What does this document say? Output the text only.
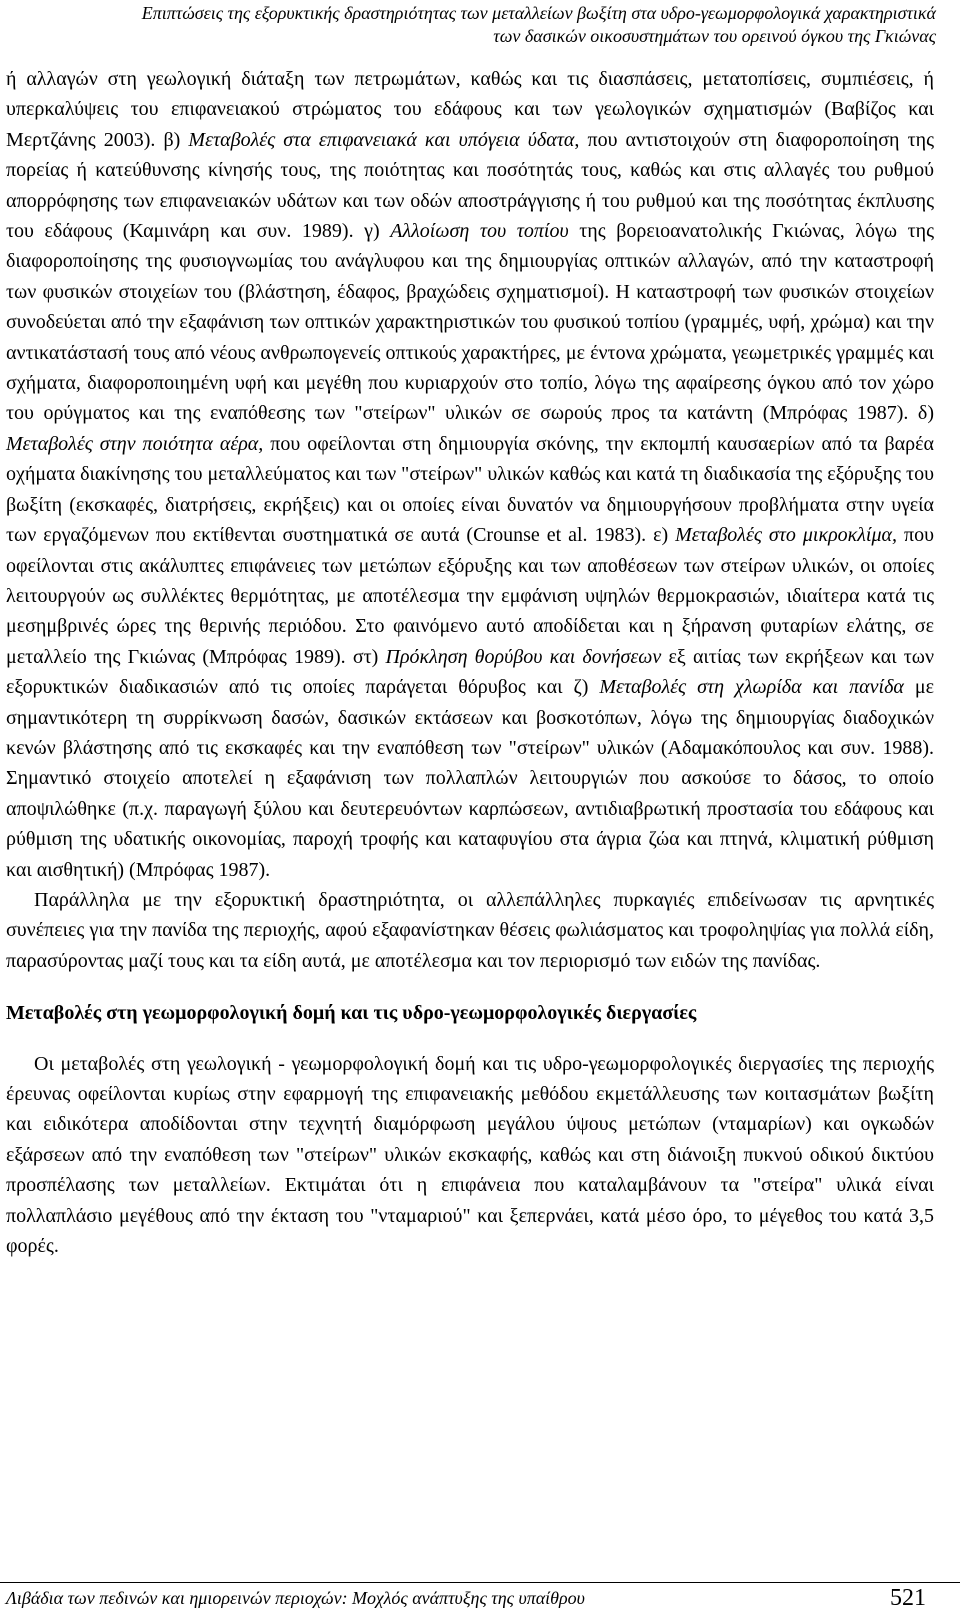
Επιπτώσεις της εξορυκτικής δραστηριότητας των μεταλλείων βωξίτη στα υδρο-γεωμορφολογικά χαρακτηριστικά
των δασικών οικοσυστημάτων του ορεινού όγκου της Γκιώνας

ή αλλαγών στη γεωλογική διάταξη των πετρωμάτων, καθώς και τις διασπάσεις, μετατοπίσεις, συμπιέσεις, ή υπερκαλύψεις του επιφανειακού στρώματος του εδάφους και των γεωλογικών σχηματισμών (Βαβίζος και Μερτζάνης 2003). β) Μεταβολές στα επιφανειακά και υπόγεια ύδατα, που αντιστοιχούν στη διαφοροποίηση της πορείας ή κατεύθυνσης κίνησής τους, της ποιότητας και ποσότητάς τους, καθώς και στις αλλαγές του ρυθμού απορρόφησης των επιφανειακών υδάτων και των οδών αποστράγγισης ή του ρυθμού και της ποσότητας έκπλυσης του εδάφους (Καμινάρη και συν. 1989). γ) Αλλοίωση του τοπίου της βορειοανατολικής Γκιώνας, λόγω της διαφοροποίησης της φυσιογνωμίας του ανάγλυφου και της δημιουργίας οπτικών αλλαγών, από την καταστροφή των φυσικών στοιχείων του (βλάστηση, έδαφος, βραχώδεις σχηματισμοί). Η καταστροφή των φυσικών στοιχείων συνοδεύεται από την εξαφάνιση των οπτικών χαρακτηριστικών του φυσικού τοπίου (γραμμές, υφή, χρώμα) και την αντικατάστασή τους από νέους ανθρωπογενείς οπτικούς χαρακτήρες, με έντονα χρώματα, γεωμετρικές γραμμές και σχήματα, διαφοροποιημένη υφή και μεγέθη που κυριαρχούν στο τοπίο, λόγω της αφαίρεσης όγκου από τον χώρο του ορύγματος και της εναπόθεσης των "στείρων" υλικών σε σωρούς προς τα κατάντη (Μπρόφας 1987). δ) Μεταβολές στην ποιότητα αέρα, που οφείλονται στη δημιουργία σκόνης, την εκπομπή καυσαερίων από τα βαρέα οχήματα διακίνησης του μεταλλεύματος και των "στείρων" υλικών καθώς και κατά τη διαδικασία της εξόρυξης του βωξίτη (εκσκαφές, διατρήσεις, εκρήξεις) και οι οποίες είναι δυνατόν να δημιουργήσουν προβλήματα στην υγεία των εργαζόμενων που εκτίθενται συστηματικά σε αυτά (Crounse et al. 1983). ε) Μεταβολές στο μικροκλίμα, που οφείλονται στις ακάλυπτες επιφάνειες των μετώπων εξόρυξης και των αποθέσεων των στείρων υλικών, οι οποίες λειτουργούν ως συλλέκτες θερμότητας, με αποτέλεσμα την εμφάνιση υψηλών θερμοκρασιών, ιδιαίτερα κατά τις μεσημβρινές ώρες της θερινής περιόδου. Στο φαινόμενο αυτό αποδίδεται και η ξήρανση φυταρίων ελάτης, σε μεταλλείο της Γκιώνας (Μπρόφας 1989). στ) Πρόκληση θορύβου και δονήσεων εξ αιτίας των εκρήξεων και των εξορυκτικών διαδικασιών από τις οποίες παράγεται θόρυβος και ζ) Μεταβολές στη χλωρίδα και πανίδα με σημαντικότερη τη συρρίκνωση δασών, δασικών εκτάσεων και βοσκοτόπων, λόγω της δημιουργίας διαδοχικών κενών βλάστησης από τις εκσκαφές και την εναπόθεση των "στείρων" υλικών (Αδαμακόπουλος και συν. 1988). Σημαντικό στοιχείο αποτελεί η εξαφάνιση των πολλαπλών λειτουργιών που ασκούσε το δάσος, το οποίο αποψιλώθηκε (π.χ. παραγωγή ξύλου και δευτερευόντων καρπώσεων, αντιδιαβρωτική προστασία του εδάφους και ρύθμιση της υδατικής οικονομίας, παροχή τροφής και καταφυγίου στα άγρια ζώα και πτηνά, κλιματική ρύθμιση και αισθητική) (Μπρόφας 1987).

Παράλληλα με την εξορυκτική δραστηριότητα, οι αλλεπάλληλες πυρκαγιές επιδείνωσαν τις αρνητικές συνέπειες για την πανίδα της περιοχής, αφού εξαφανίστηκαν θέσεις φωλιάσματος και τροφοληψίας για πολλά είδη, παρασύροντας μαζί τους και τα είδη αυτά, με αποτέλεσμα και τον περιορισμό των ειδών της πανίδας.

Μεταβολές στη γεωμορφολογική δομή και τις υδρο-γεωμορφολογικές διεργασίες

Οι μεταβολές στη γεωλογική - γεωμορφολογική δομή και τις υδρο-γεωμορφολογικές διεργασίες της περιοχής έρευνας οφείλονται κυρίως στην εφαρμογή της επιφανειακής μεθόδου εκμετάλλευσης των κοιτασμάτων βωξίτη και ειδικότερα αποδίδονται στην τεχνητή διαμόρφωση μεγάλου ύψους μετώπων (νταμαρίων) και ογκωδών εξάρσεων από την εναπόθεση των "στείρων" υλικών εκσκαφής, καθώς και στη διάνοιξη πυκνού οδικού δικτύου προσπέλασης των μεταλλείων. Εκτιμάται ότι η επιφάνεια που καταλαμβάνουν τα "στείρα" υλικά είναι πολλαπλάσιο μεγέθους από την έκταση του "νταμαριού" και ξεπερνάει, κατά μέσο όρο, το μέγεθος του κατά 3,5 φορές.

Λιβάδια των πεδινών και ημιορεινών περιοχών: Μοχλός ανάπτυξης της υπαίθρου	521
